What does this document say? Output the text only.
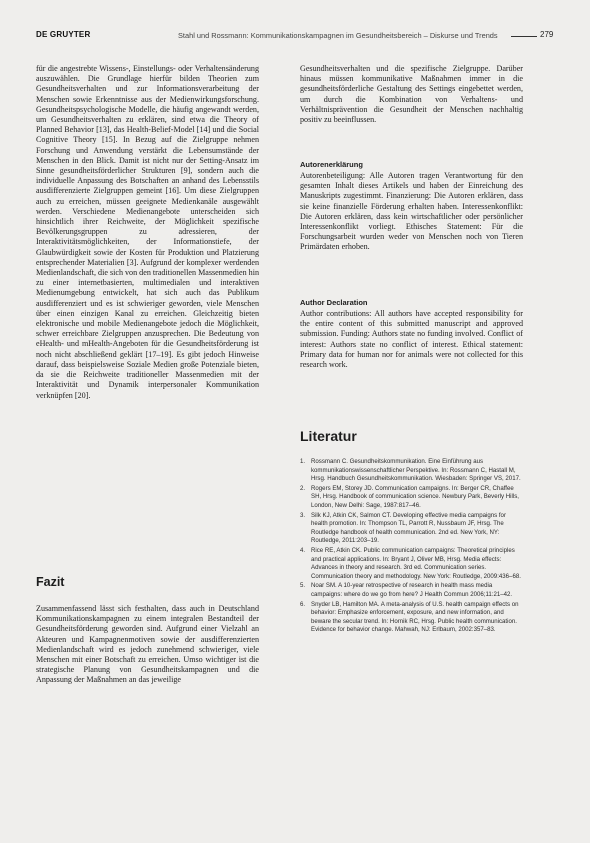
DE GRUYTER	Stahl und Rossmann: Kommunikationskampagnen im Gesundheitsbereich – Diskurse und Trends	279

für die angestrebte Wissens-, Einstellungs- oder Verhaltensänderung auszuwählen. Die Grundlage hierfür bilden Theorien zum Gesundheitsverhalten und zur Informationsverarbeitung der Menschen sowie Erkenntnisse aus der Medienwirkungsforschung. Gesundheitspsychologische Modelle, die häufig angewandt werden, um Gesundheitsverhalten zu erklären, sind etwa die Theory of Planned Behavior [13], das Health-Belief-Model [14] und die Social Cognitive Theory [15]. In Bezug auf die Zielgruppe nehmen Forschung und Anwendung verstärkt die Lebensumstände der Menschen in den Blick. Damit ist nicht nur der Setting-Ansatz im Sinne gesundheitsförderlicher Strukturen [9], sondern auch die individuelle Anpassung des Botschaften an anhand des Lebensstils ausdifferenzierte Zielgruppen gemeint [16]. Um diese Zielgruppen auch zu erreichen, müssen geeignete Medienkanäle ausgewählt werden. Verschiedene Medienangebote unterscheiden sich hinsichtlich ihrer Reichweite, der Möglichkeit spezifische Bevölkerungsgruppen zu adressieren, der Interaktivitätsmöglichkeiten, der Informationstiefe, der Glaubwürdigkeit sowie der Kosten für Produktion und Platzierung entsprechender Materialien [3]. Aufgrund der komplexer werdenden Medienlandschaft, die sich von den traditionellen Massenmedien hin zu einer internetbasierten, multimedialen und interaktiven Medienumgebung entwickelt, hat sich auch das Publikum ausdifferenziert und es ist schwieriger geworden, viele Menschen über einen einzigen Kanal zu erreichen. Gleichzeitig bieten elektronische und mobile Medienangebote jedoch die Möglichkeit, schwer erreichbare Zielgruppen anzusprechen. Die Bedeutung von eHealth- und mHealth-Angeboten für die Gesundheitsförderung ist noch nicht abschließend geklärt [17–19]. Es gibt jedoch Hinweise darauf, dass beispielsweise Soziale Medien große Potenziale bieten, da sie die Reichweite traditioneller Massenmedien mit der Interaktivität und Dynamik interpersonaler Kommunikation verknüpfen [20].

Fazit

Zusammenfassend lässt sich festhalten, dass auch in Deutschland Kommunikationskampagnen zu einem integralen Bestandteil der Gesundheitsförderung geworden sind. Aufgrund einer Vielzahl an Akteuren und Kampagnenmotiven sowie der ausdifferenzierten Medienlandschaft wird es jedoch zunehmend schwieriger, viele Menschen mit einer Botschaft zu erreichen. Umso wichtiger ist die strategische Planung von Gesundheitskampagnen und die Anpassung der Maßnahmen an das jeweilige

Gesundheitsverhalten und die spezifische Zielgruppe. Darüber hinaus müssen kommunikative Maßnahmen immer in die gesundheitsförderliche Gestaltung des Settings eingebettet werden, um durch die Kombination von Verhaltens- und Verhältnisprävention die Gesundheit der Menschen nachhaltig positiv zu beeinflussen.

Autorenerklärung

Autorenbeteiligung: Alle Autoren tragen Verantwortung für den gesamten Inhalt dieses Artikels und haben der Einreichung des Manuskripts zugestimmt. Finanzierung: Die Autoren erklären, dass sie keine finanzielle Förderung erhalten haben. Interessenkonflikt: Die Autoren erklären, dass kein wirtschaftlicher oder persönlicher Interessenkonflikt vorliegt. Ethisches Statement: Für die Forschungsarbeit wurden weder von Menschen noch von Tieren Primärdaten erhoben.

Author Declaration

Author contributions: All authors have accepted responsibility for the entire content of this submitted manuscript and approved submission. Funding: Authors state no funding involved. Conflict of interest: Authors state no conflict of interest. Ethical statement: Primary data for human nor for animals were not collected for this research work.

Literatur
1. Rossmann C. Gesundheitskommunikation. Eine Einführung aus kommunikationswissenschaftlicher Perspektive. In: Rossmann C, Hastall M, Hrsg. Handbuch Gesundheitskommunikation. Wiesbaden: Springer VS, 2017.
2. Rogers EM, Storey JD. Communication campaigns. In: Berger CR, Chaffee SH, Hrsg. Handbook of communication science. Newbury Park, Beverly Hills, London, New Delhi: Sage, 1987:817–46.
3. Silk KJ, Atkin CK, Salmon CT. Developing effective media campaigns for health promotion. In: Thompson TL, Parrott R, Nussbaum JF, Hrsg. The Routledge handbook of health communication. 2nd ed. New York, NY: Routledge, 2011:203–19.
4. Rice RE, Atkin CK. Public communication campaigns: Theoretical principles and practical applications. In: Bryant J, Oliver MB, Hrsg. Media effects: Advances in theory and research. 3rd ed. Communication series. Communication theory and methodology. New York: Routledge, 2009:436–68.
5. Noar SM. A 10-year retrospective of research in health mass media campaigns: where do we go from here? J Health Commun 2006;11:21–42.
6. Snyder LB, Hamilton MA. A meta-analysis of U.S. health campaign effects on behavior: Emphasize enforcement, exposure, and new information, and beware the secular trend. In: Hornik RC, Hrsg. Public health communication. Evidence for behavior change. Mahwah, NJ: Erlbaum, 2002:357–83.
